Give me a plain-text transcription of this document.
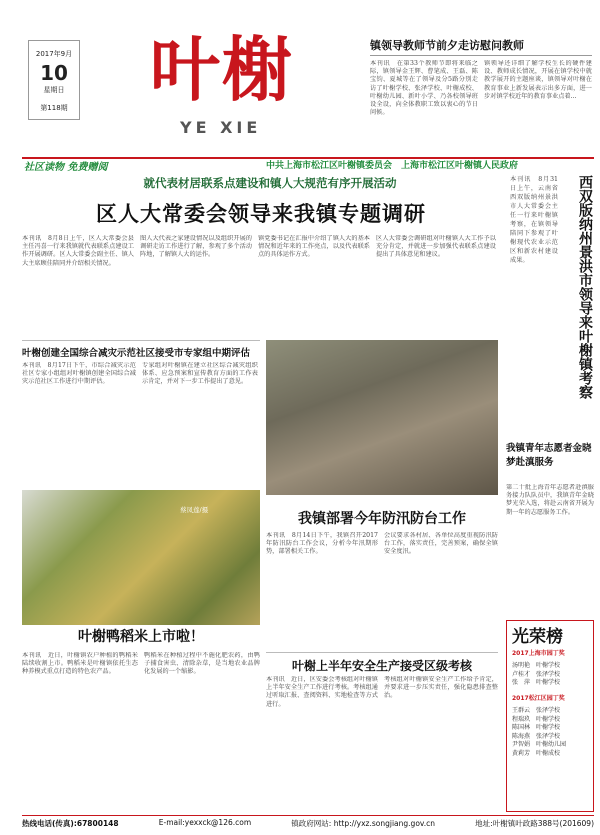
2017年9月
10
星期日
第118期 叶榭
YE XIE
镇领导教师节前夕走访慰问教师
本刊讯　在第33个教师节即将来临之际，镇领导金王辉、曹笔成、王磊、陈宝钧、夏城等在了领导及分5路分别走访了叶榭学校、张泽学校、叶榭成校、叶榭幼儿园、新叶小学、乃各校领导班设全设，向全体教职工致以衷心的节日问候。
镇领导还详细了解学校生长的硬件建设、教师成长情况，开展在镇学校中就教学展开的主题座谈，镇领导对叶榭在教育事业上新发展表示出多方面，进一步对镇学校近年的教育事业点着...
社区读物 免费赠阅	中共上海市松江区叶榭镇委员会　上海市松江区叶榭镇人民政府
就代表材居联系点建设和镇人大规范有序开展活动
区人大常委会领导来我镇专题调研
本刊讯　8月8日上午，区人大常委会县主任冯喜一行来我镇就代表联系点建设工作开展调研。区人大常委会副主任、镇人大主席顾佳陪同并介绍相关情况。
图人大代表之家建设情况以及组织开展的调研走访工作进行了解，参观了多个活动阵地，了解镇人大的运作。
镇党委书记在汇报中介绍了镇人大的基本情况和近年来的工作亮点，以及代表联系点的具体运作方式。
区人大常委会调研组对叶榭镇人大工作予以充分肯定，并就进一步加强代表联系点建设提出了具体意见和建议。
本刊讯　8月31日上午，云南省西双版纳州景洪市人大常委会主任一行来叶榭镇考察，在镇领导陪同下参观了叶榭现代农业示范区和新农村建设成果。	西双版纳州景洪市领导来叶榭镇考察
叶榭创建全国综合减灾示范社区接受市专家组中期评估
本刊讯　8月17日下午，市综合减灾示范社区专家小组组对叶榭镇创建全国综合减灾示范社区工作进行中期评估。
专家组对叶榭镇在建立社区综合减灾组织体系、应急预案和宣传教育方面的工作表示肯定，并对下一步工作提出了意见。
我镇青年志愿者金晓梦赴滇服务
第二十批上海青年志愿者赴滇服务接力队队员中，我镇青年金晓梦光荣入选，将赴云南省开展为期一年的志愿服务工作。
蔡凤莲/摄
叶榭鸭稻米上市啦！
本刊讯　近日，叶榭镇农户种植的鸭稻米陆续收割上市。鸭稻米是叶榭镇依托生态种养模式重点打造的特色农产品。
鸭稻米在种植过程中不施化肥农药，由鸭子捕食害虫、清除杂草，是当地农业品牌化发展的一个缩影。
我镇部署今年防汛防台工作
本刊讯　8月14日下午，我镇召开2017年防汛防台工作会议，分析今年汛期形势，部署相关工作。
会议要求各村居、各单位高度重视防汛防台工作，落实责任，完善预案，确保全镇安全度汛。
叶榭上半年安全生产接受区级考核
本刊讯　近日，区安委会考核组对叶榭镇上半年安全生产工作进行考核。考核组通过听取汇报、查阅资料、实地检查等方式进行。
考核组对叶榭镇安全生产工作给予肯定，并要求进一步压实责任，强化隐患排查整治。
光荣榜
2017上海市园丁奖
汤明艳　叶榭学校
卢桂才　张泽学校
张　萍　叶榭学校
2017松江区园丁奖
王群云　张泽学校
程瑞玖　叶榭学校
陈国林　叶榭学校
陈海燕　张泽学校
尹智娟　叶榭幼儿园
黄莉芳　叶榭成校
热线电话(传真):67800148	E-mail:yexxck@126.com	镇政府网站: http://yxz.songjiang.gov.cn	地址:叶榭镇叶政路388号(201609)
